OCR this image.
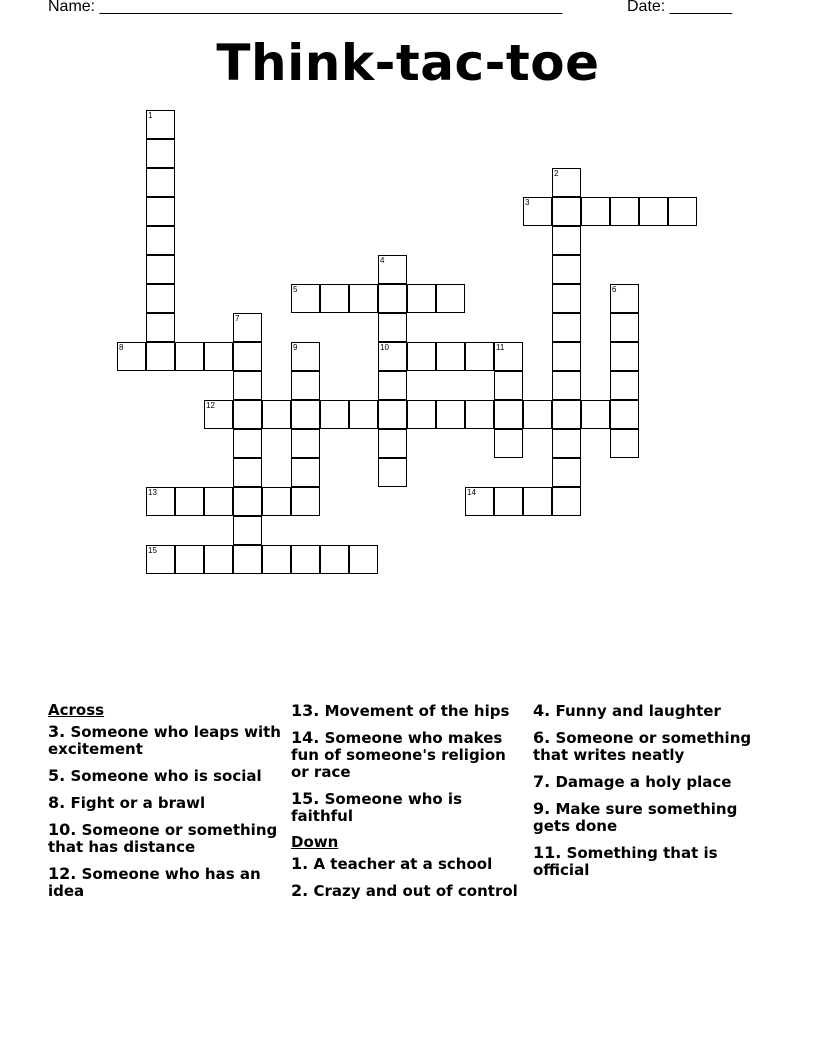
Name: ____________________________________________________	Date: _______
Think-tac-toe
1
2
3
4
10
5	6
7
8	9	11
12
13	14
15
Across
3. Someone who leaps with excitement
5. Someone who is social
8. Fight or a brawl
10. Someone or something that has distance
12. Someone who has an idea
13. Movement of the hips
14. Someone who makes fun of someone's religion or race
15. Someone who is faithful
Down
1. A teacher at a school
2. Crazy and out of control
4. Funny and laughter
6. Someone or something that writes neatly
7. Damage a holy place
9. Make sure something gets done
11. Something that is official
